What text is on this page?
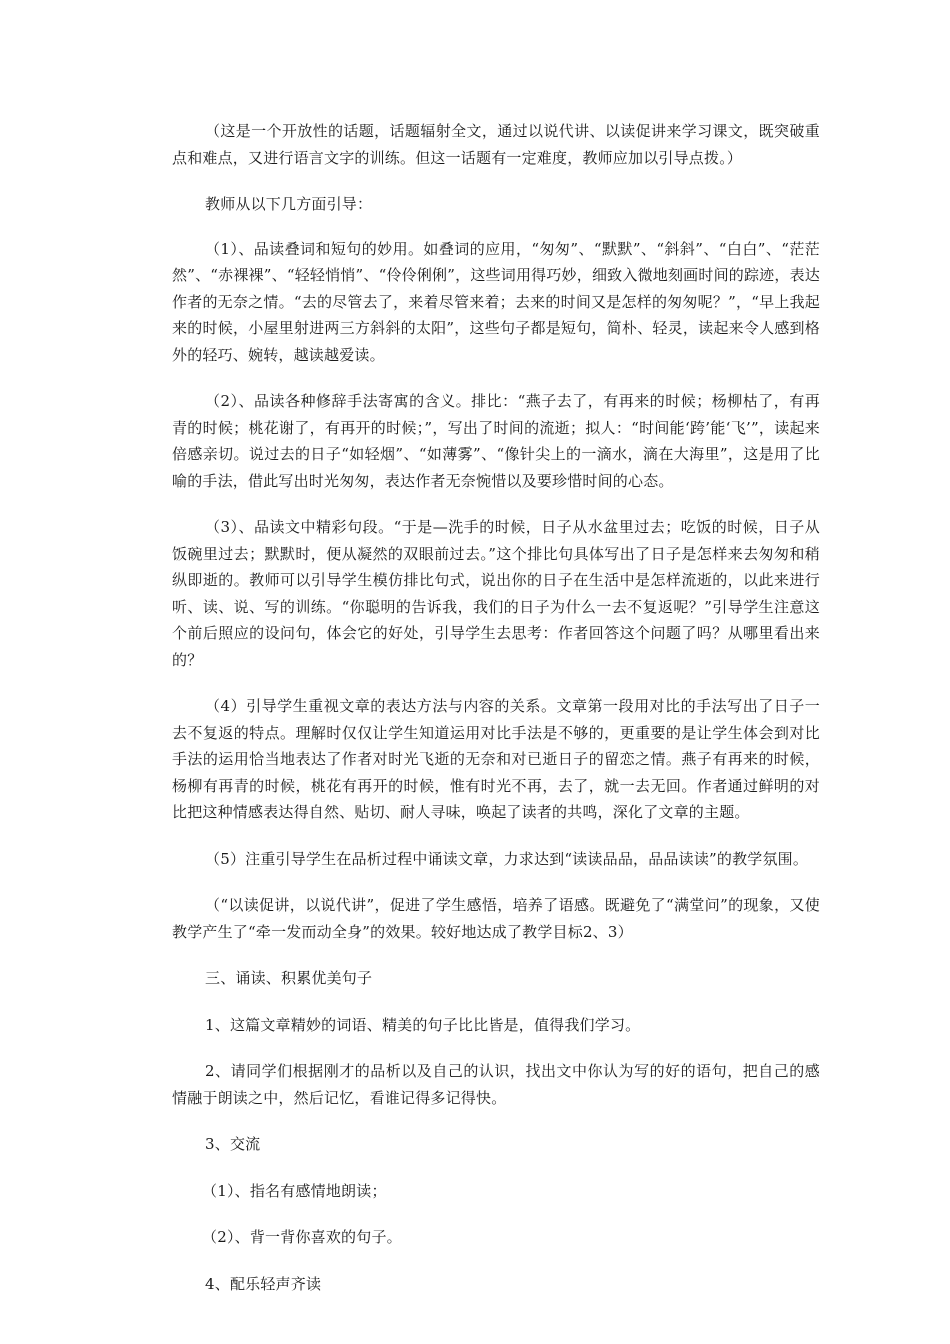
（这是一个开放性的话题，话题辐射全文，通过以说代讲、以读促讲来学习课文，既突破重点和难点，又进行语言文字的训练。但这一话题有一定难度，教师应加以引导点拨。）

教师从以下几方面引导：

（1）、品读叠词和短句的妙用。如叠词的应用，“匆匆”、“默默”、“斜斜”、“白白”、“茫茫然”、“赤裸裸”、“轻轻悄悄”、“伶伶俐俐”，这些词用得巧妙，细致入微地刻画时间的踪迹，表达作者的无奈之情。“去的尽管去了，来着尽管来着；去来的时间又是怎样的匆匆呢？”，“早上我起来的时候，小屋里射进两三方斜斜的太阳”，这些句子都是短句，简朴、轻灵，读起来令人感到格外的轻巧、婉转，越读越爱读。

（2）、品读各种修辞手法寄寓的含义。排比：“燕子去了，有再来的时候；杨柳枯了，有再青的时候；桃花谢了，有再开的时候；”，写出了时间的流逝；拟人：“时间能‘跨’能‘飞’”，读起来倍感亲切。说过去的日子“如轻烟”、“如薄雾”、“像针尖上的一滴水，滴在大海里”，这是用了比喻的手法，借此写出时光匆匆，表达作者无奈惋惜以及要珍惜时间的心态。

（3）、品读文中精彩句段。“于是—洗手的时候，日子从水盆里过去；吃饭的时候，日子从饭碗里过去；默默时，便从凝然的双眼前过去。”这个排比句具体写出了日子是怎样来去匆匆和稍纵即逝的。教师可以引导学生模仿排比句式，说出你的日子在生活中是怎样流逝的，以此来进行听、读、说、写的训练。“你聪明的告诉我，我们的日子为什么一去不复返呢？”引导学生注意这个前后照应的设问句，体会它的好处，引导学生去思考：作者回答这个问题了吗？从哪里看出来的？

（4）引导学生重视文章的表达方法与内容的关系。文章第一段用对比的手法写出了日子一去不复返的特点。理解时仅仅让学生知道运用对比手法是不够的，更重要的是让学生体会到对比手法的运用恰当地表达了作者对时光飞逝的无奈和对已逝日子的留恋之情。燕子有再来的时候，杨柳有再青的时候，桃花有再开的时候，惟有时光不再，去了，就一去无回。作者通过鲜明的对比把这种情感表达得自然、贴切、耐人寻味，唤起了读者的共鸣，深化了文章的主题。

（5）注重引导学生在品析过程中诵读文章，力求达到“读读品品，品品读读”的教学氛围。

（“以读促讲，以说代讲”，促进了学生感悟，培养了语感。既避免了“满堂问”的现象，又使教学产生了“牵一发而动全身”的效果。较好地达成了教学目标2、3）

三、诵读、积累优美句子

1、这篇文章精妙的词语、精美的句子比比皆是，值得我们学习。

2、请同学们根据刚才的品析以及自己的认识，找出文中你认为写的好的语句，把自己的感情融于朗读之中，然后记忆，看谁记得多记得快。

3、交流

（1）、指名有感情地朗读；

（2）、背一背你喜欢的句子。

4、配乐轻声齐读
